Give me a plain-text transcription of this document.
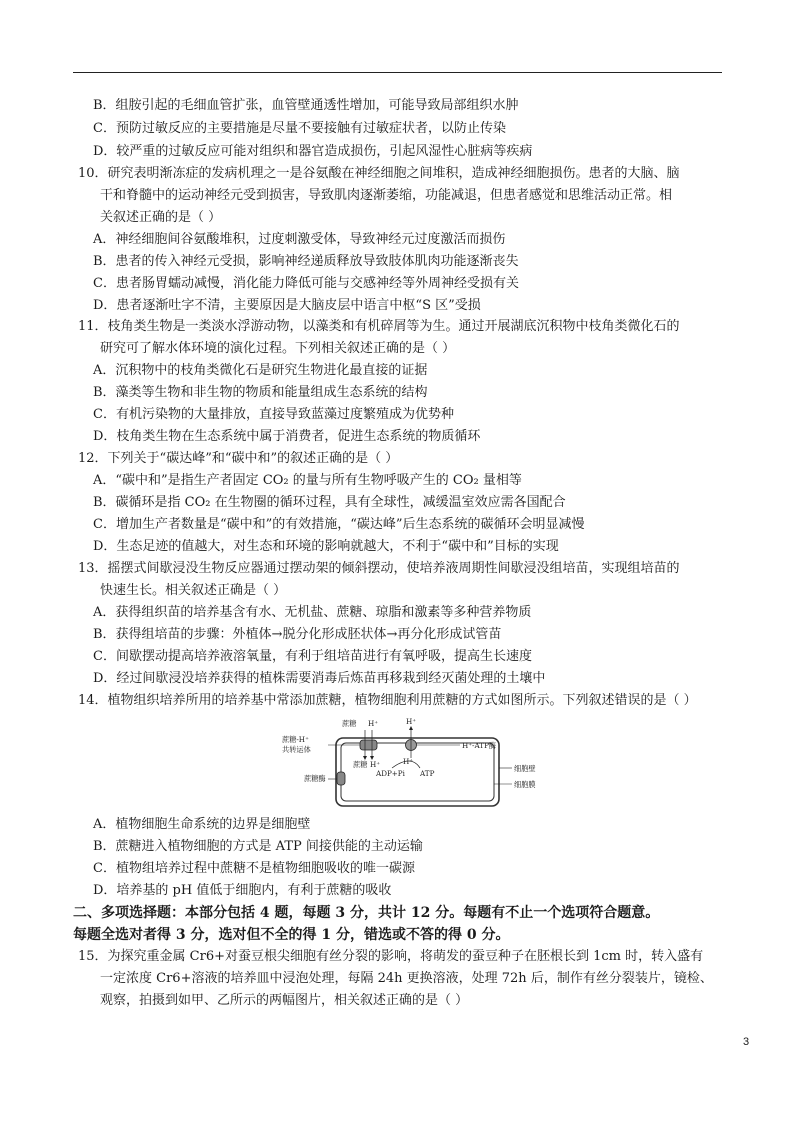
B．组胺引起的毛细血管扩张，血管壁通透性增加，可能导致局部组织水肿
C．预防过敏反应的主要措施是尽量不要接触有过敏症状者，以防止传染
D．较严重的过敏反应可能对组织和器官造成损伤，引起风湿性心脏病等疾病
10．研究表明渐冻症的发病机理之一是谷氨酸在神经细胞之间堆积，造成神经细胞损伤。患者的大脑、脑
干和脊髓中的运动神经元受到损害，导致肌肉逐渐萎缩，功能减退，但患者感觉和思维活动正常。相
关叙述正确的是（ ）
A．神经细胞间谷氨酸堆积，过度刺激受体，导致神经元过度激活而损伤
B．患者的传入神经元受损，影响神经递质释放导致肢体肌肉功能逐渐丧失
C．患者肠胃蠕动减慢，消化能力降低可能与交感神经等外周神经受损有关
D．患者逐渐吐字不清，主要原因是大脑皮层中语言中枢“S 区”受损
11．枝角类生物是一类淡水浮游动物，以藻类和有机碎屑等为生。通过开展湖底沉积物中枝角类微化石的
研究可了解水体环境的演化过程。下列相关叙述正确的是（ ）
A．沉积物中的枝角类微化石是研究生物进化最直接的证据
B．藻类等生物和非生物的物质和能量组成生态系统的结构
C．有机污染物的大量排放，直接导致蓝藻过度繁殖成为优势种
D．枝角类生物在生态系统中属于消费者，促进生态系统的物质循环
12．下列关于“碳达峰”和“碳中和”的叙述正确的是（ ）
A．“碳中和”是指生产者固定 CO₂ 的量与所有生物呼吸产生的 CO₂ 量相等
B．碳循环是指 CO₂ 在生物圈的循环过程，具有全球性，减缓温室效应需各国配合
C．增加生产者数量是“碳中和”的有效措施，“碳达峰”后生态系统的碳循环会明显减慢
D．生态足迹的值越大，对生态和环境的影响就越大，不利于“碳中和”目标的实现
13．摇摆式间歇浸没生物反应器通过摆动架的倾斜摆动，使培养液周期性间歇浸没组培苗，实现组培苗的
快速生长。相关叙述正确是（ ）
A．获得组织苗的培养基含有水、无机盐、蔗糖、琼脂和激素等多种营养物质
B．获得组培苗的步骤：外植体→脱分化形成胚状体→再分化形成试管苗
C．间歇摆动提高培养液溶氧量，有利于组培苗进行有氧呼吸，提高生长速度
D．经过间歇浸没培养获得的植株需要消毒后炼苗再移栽到经灭菌处理的土壤中
14．植物组织培养所用的培养基中常添加蔗糖，植物细胞利用蔗糖的方式如图所示。下列叙述错误的是（ ）
蔗糖-H⁺
共转运体
蔗糖 H⁺	H⁺
蔗糖 H⁺	H⁺
ADP+Pi ATP
H⁺-ATP酶
细胞壁
细胞膜
蔗糖酶
A．植物细胞生命系统的边界是细胞壁
B．蔗糖进入植物细胞的方式是 ATP 间接供能的主动运输
C．植物组培养过程中蔗糖不是植物细胞吸收的唯一碳源
D．培养基的 pH 值低于细胞内，有利于蔗糖的吸收
二、多项选择题：本部分包括 4 题，每题 3 分，共计 12 分。每题有不止一个选项符合题意。
每题全选对者得 3 分，选对但不全的得 1 分，错选或不答的得 0 分。
15．为探究重金属 Cr6+对蚕豆根尖细胞有丝分裂的影响，将萌发的蚕豆种子在胚根长到 1cm 时，转入盛有
一定浓度 Cr6+溶液的培养皿中浸泡处理，每隔 24h 更换溶液，处理 72h 后，制作有丝分裂装片，镜检、
观察，拍摄到如甲、乙所示的两幅图片，相关叙述正确的是（ ）
3
